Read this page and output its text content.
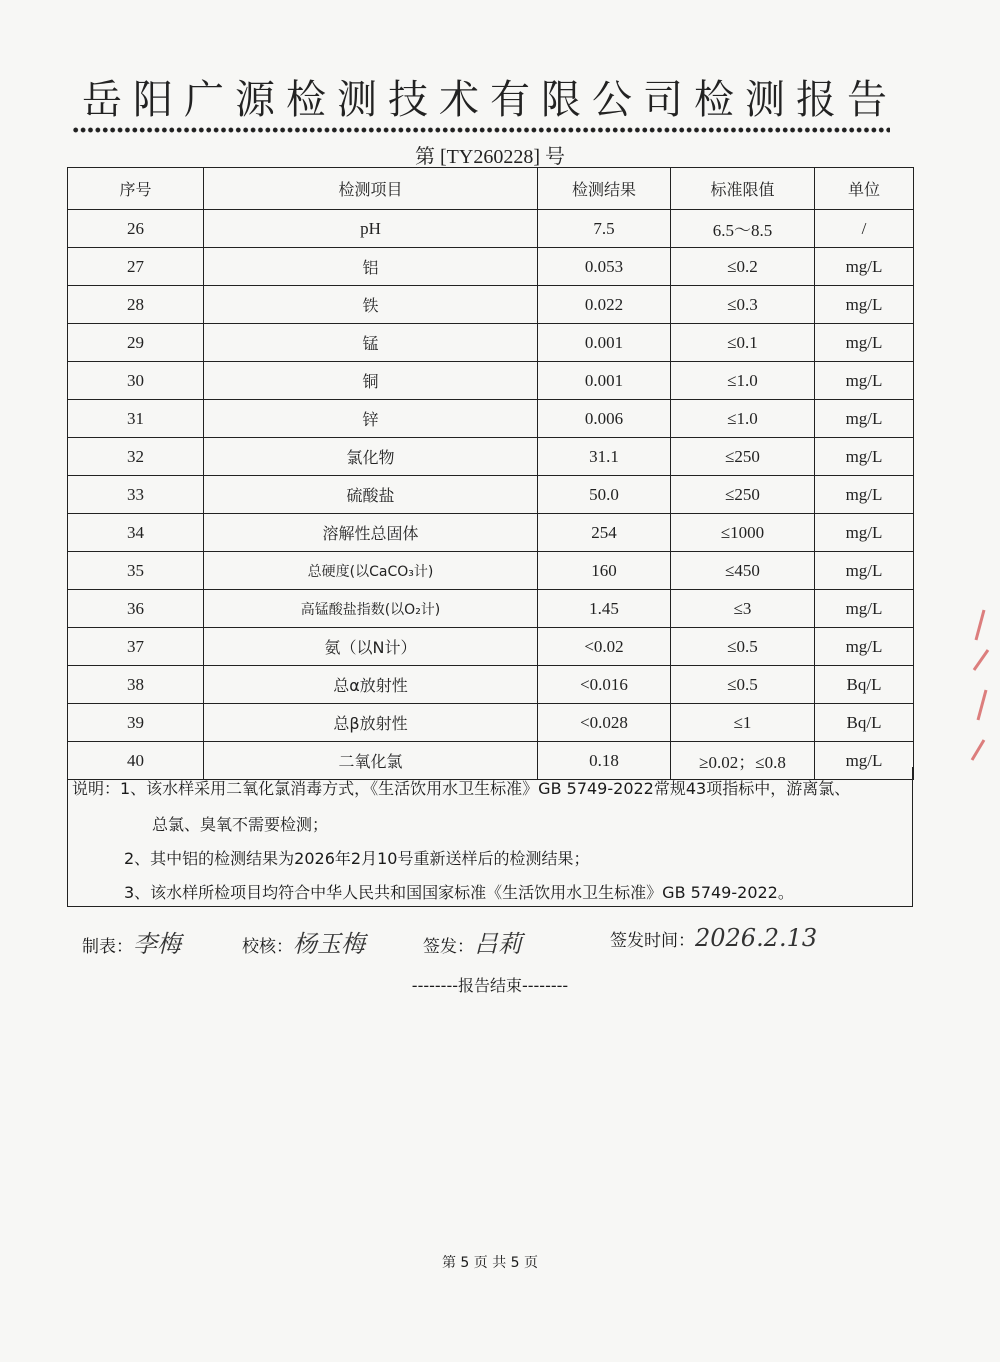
岳阳广源检测技术有限公司检测报告
第 [TY260228] 号
序号	检测项目	检测结果	标准限值	单位
26	pH	7.5	6.5～8.5	/
27	铝	0.053	≤0.2	mg/L
28	铁	0.022	≤0.3	mg/L
29	锰	0.001	≤0.1	mg/L
30	铜	0.001	≤1.0	mg/L
31	锌	0.006	≤1.0	mg/L
32	氯化物	31.1	≤250	mg/L
33	硫酸盐	50.0	≤250	mg/L
34	溶解性总固体	254	≤1000	mg/L
35	总硬度(以CaCO₃计)	160	≤450	mg/L
36	高锰酸盐指数(以O₂计)	1.45	≤3	mg/L
37	氨（以N计）	<0.02	≤0.5	mg/L
38	总α放射性	<0.016	≤0.5	Bq/L
39	总β放射性	<0.028	≤1	Bq/L
40	二氧化氯	0.18	≥0.02；≤0.8	mg/L
说明：1、该水样采用二氧化氯消毒方式，《生活饮用水卫生标准》GB 5749-2022常规43项指标中，游离氯、
总氯、臭氧不需要检测；
2、其中铝的检测结果为2026年2月10号重新送样后的检测结果；
3、该水样所检项目均符合中华人民共和国国家标准《生活饮用水卫生标准》GB 5749-2022。
制表：李梅	校核：杨玉梅	签发：吕莉	签发时间：2026.2.13
--------报告结束--------
第 5 页 共 5 页
